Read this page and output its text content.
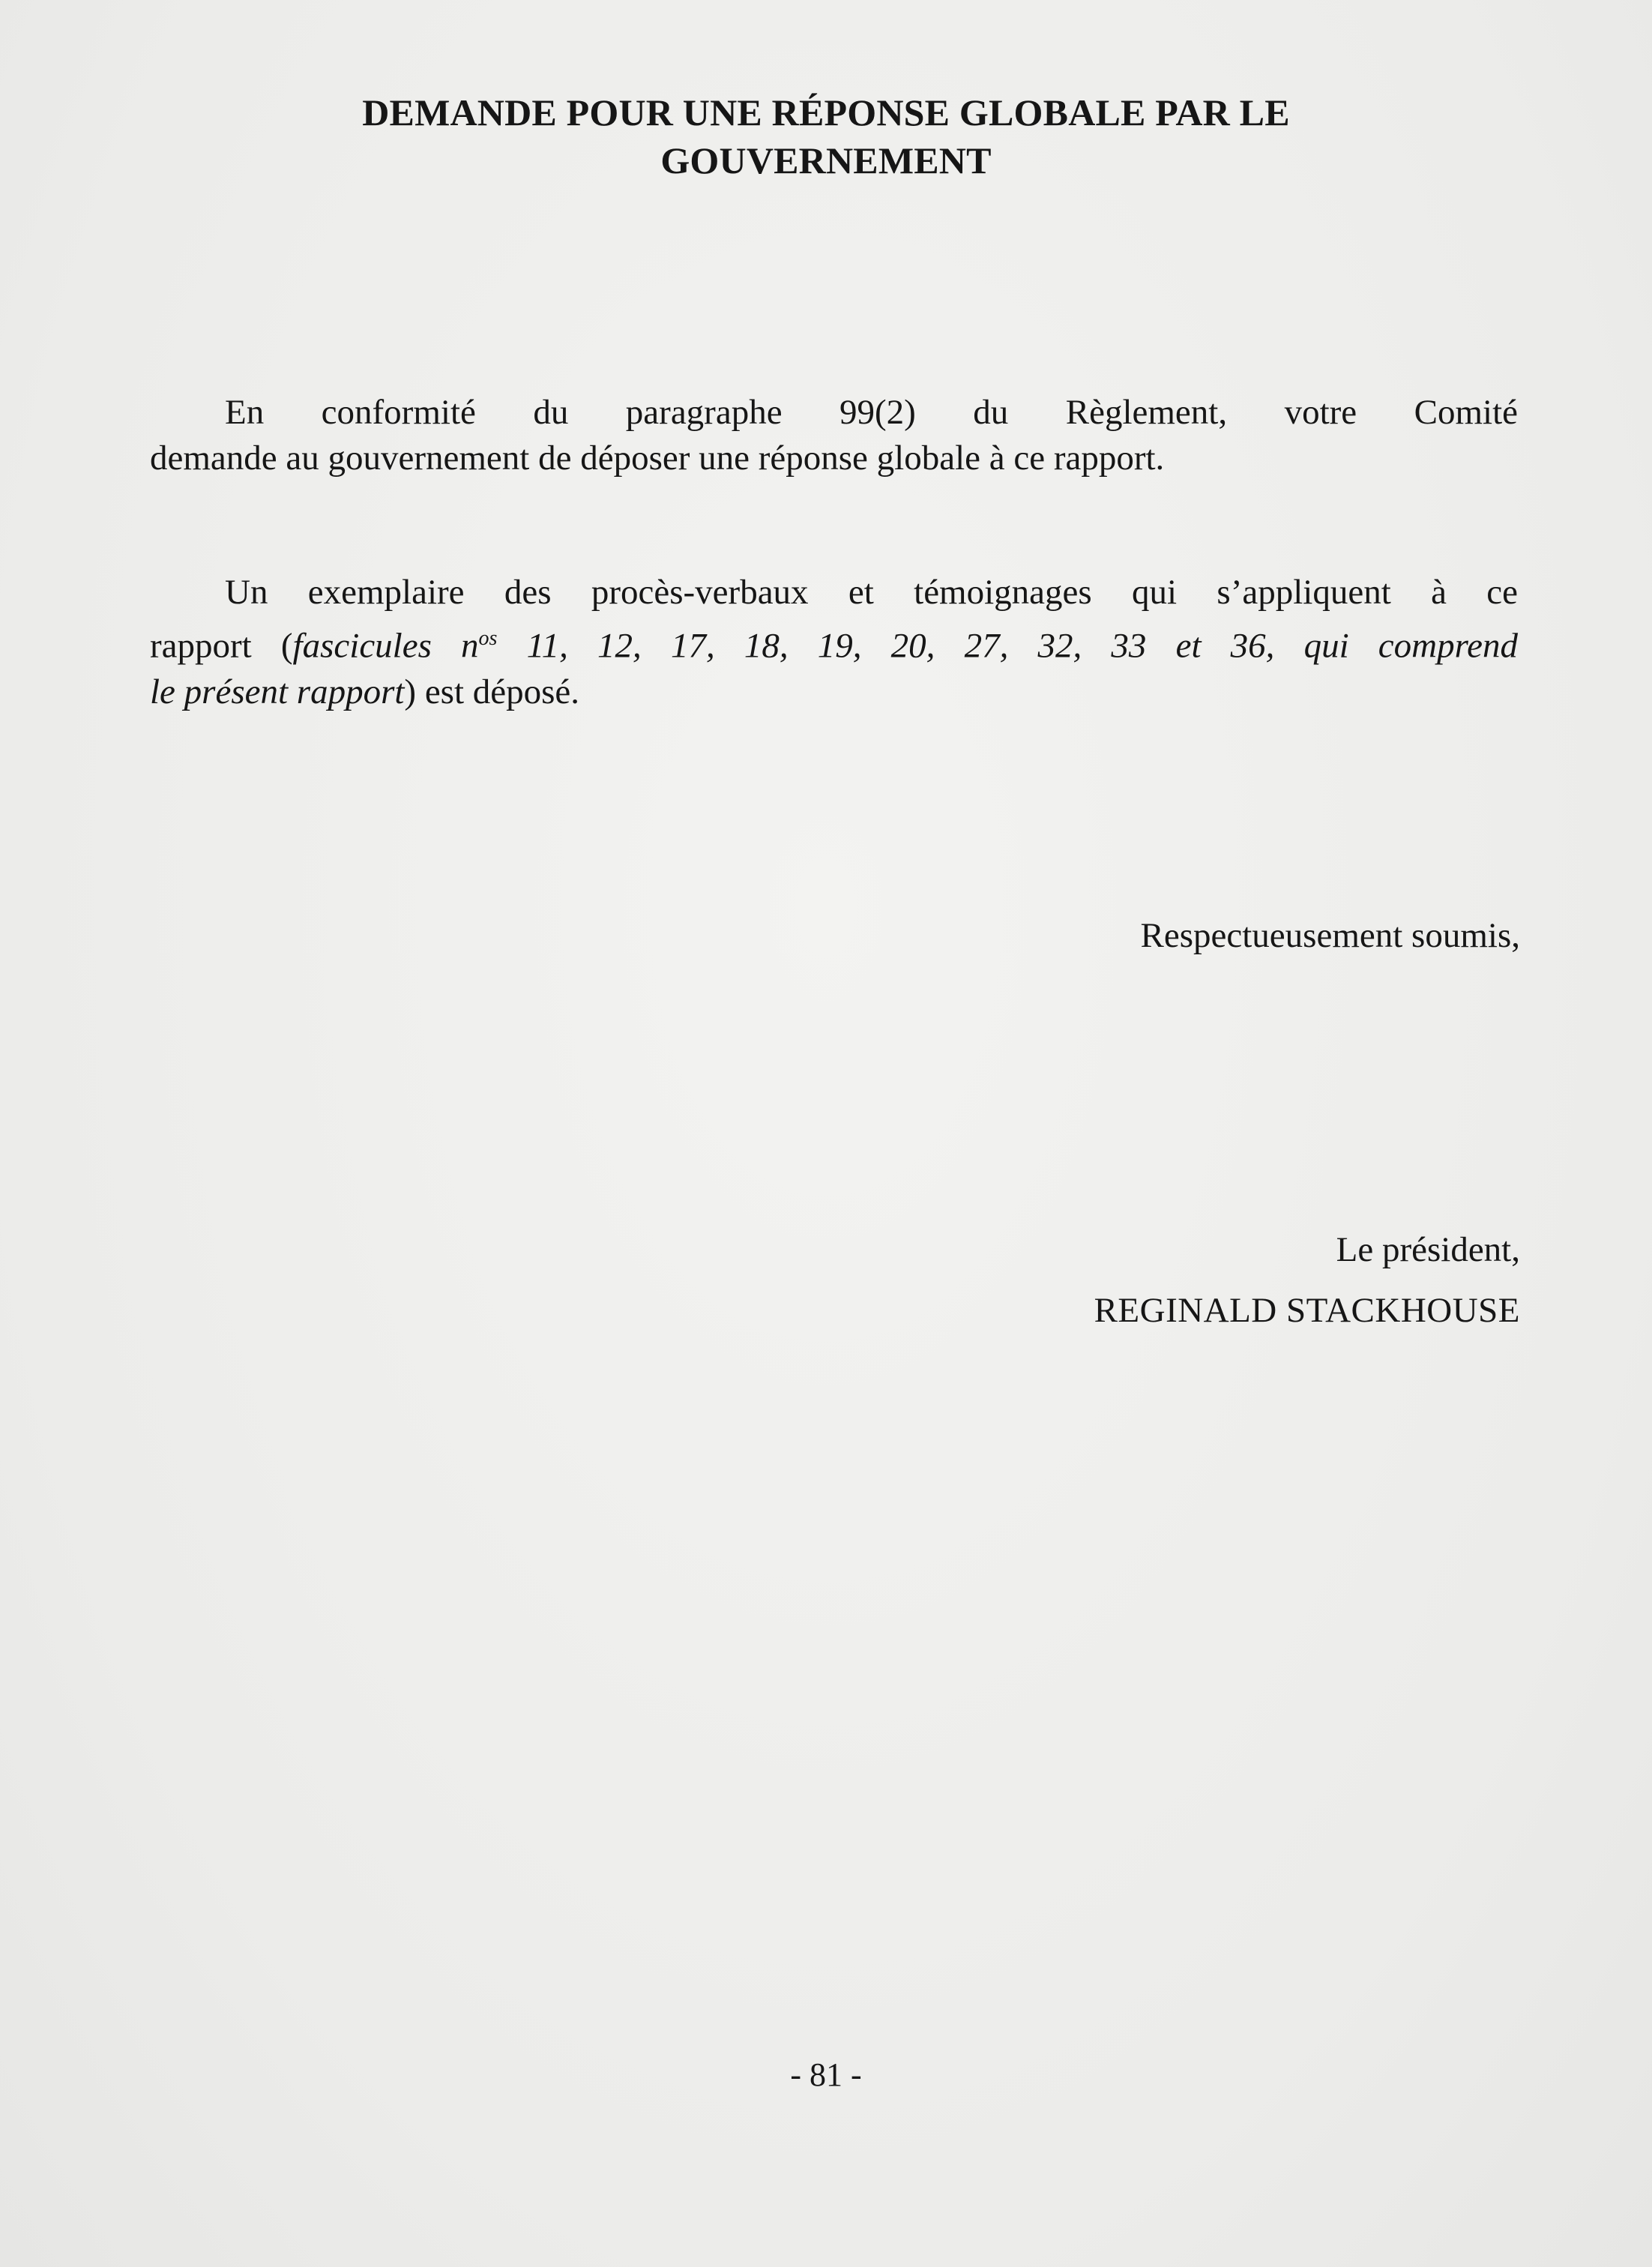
DEMANDE POUR UNE RÉPONSE GLOBALE PAR LE
GOUVERNEMENT
En conformité du paragraphe 99(2) du Règlement, votre Comité
demande au gouvernement de déposer une réponse globale à ce rapport.
Un exemplaire des procès-verbaux et témoignages qui s’appliquent à ce
rapport (fascicules $n^{os}$ 11, 12, 17, 18, 19, 20, 27, 32, 33 et 36, qui comprend
le présent rapport) est déposé.
Respectueusement soumis,
Le président,
REGINALD STACKHOUSE
- 81 -
